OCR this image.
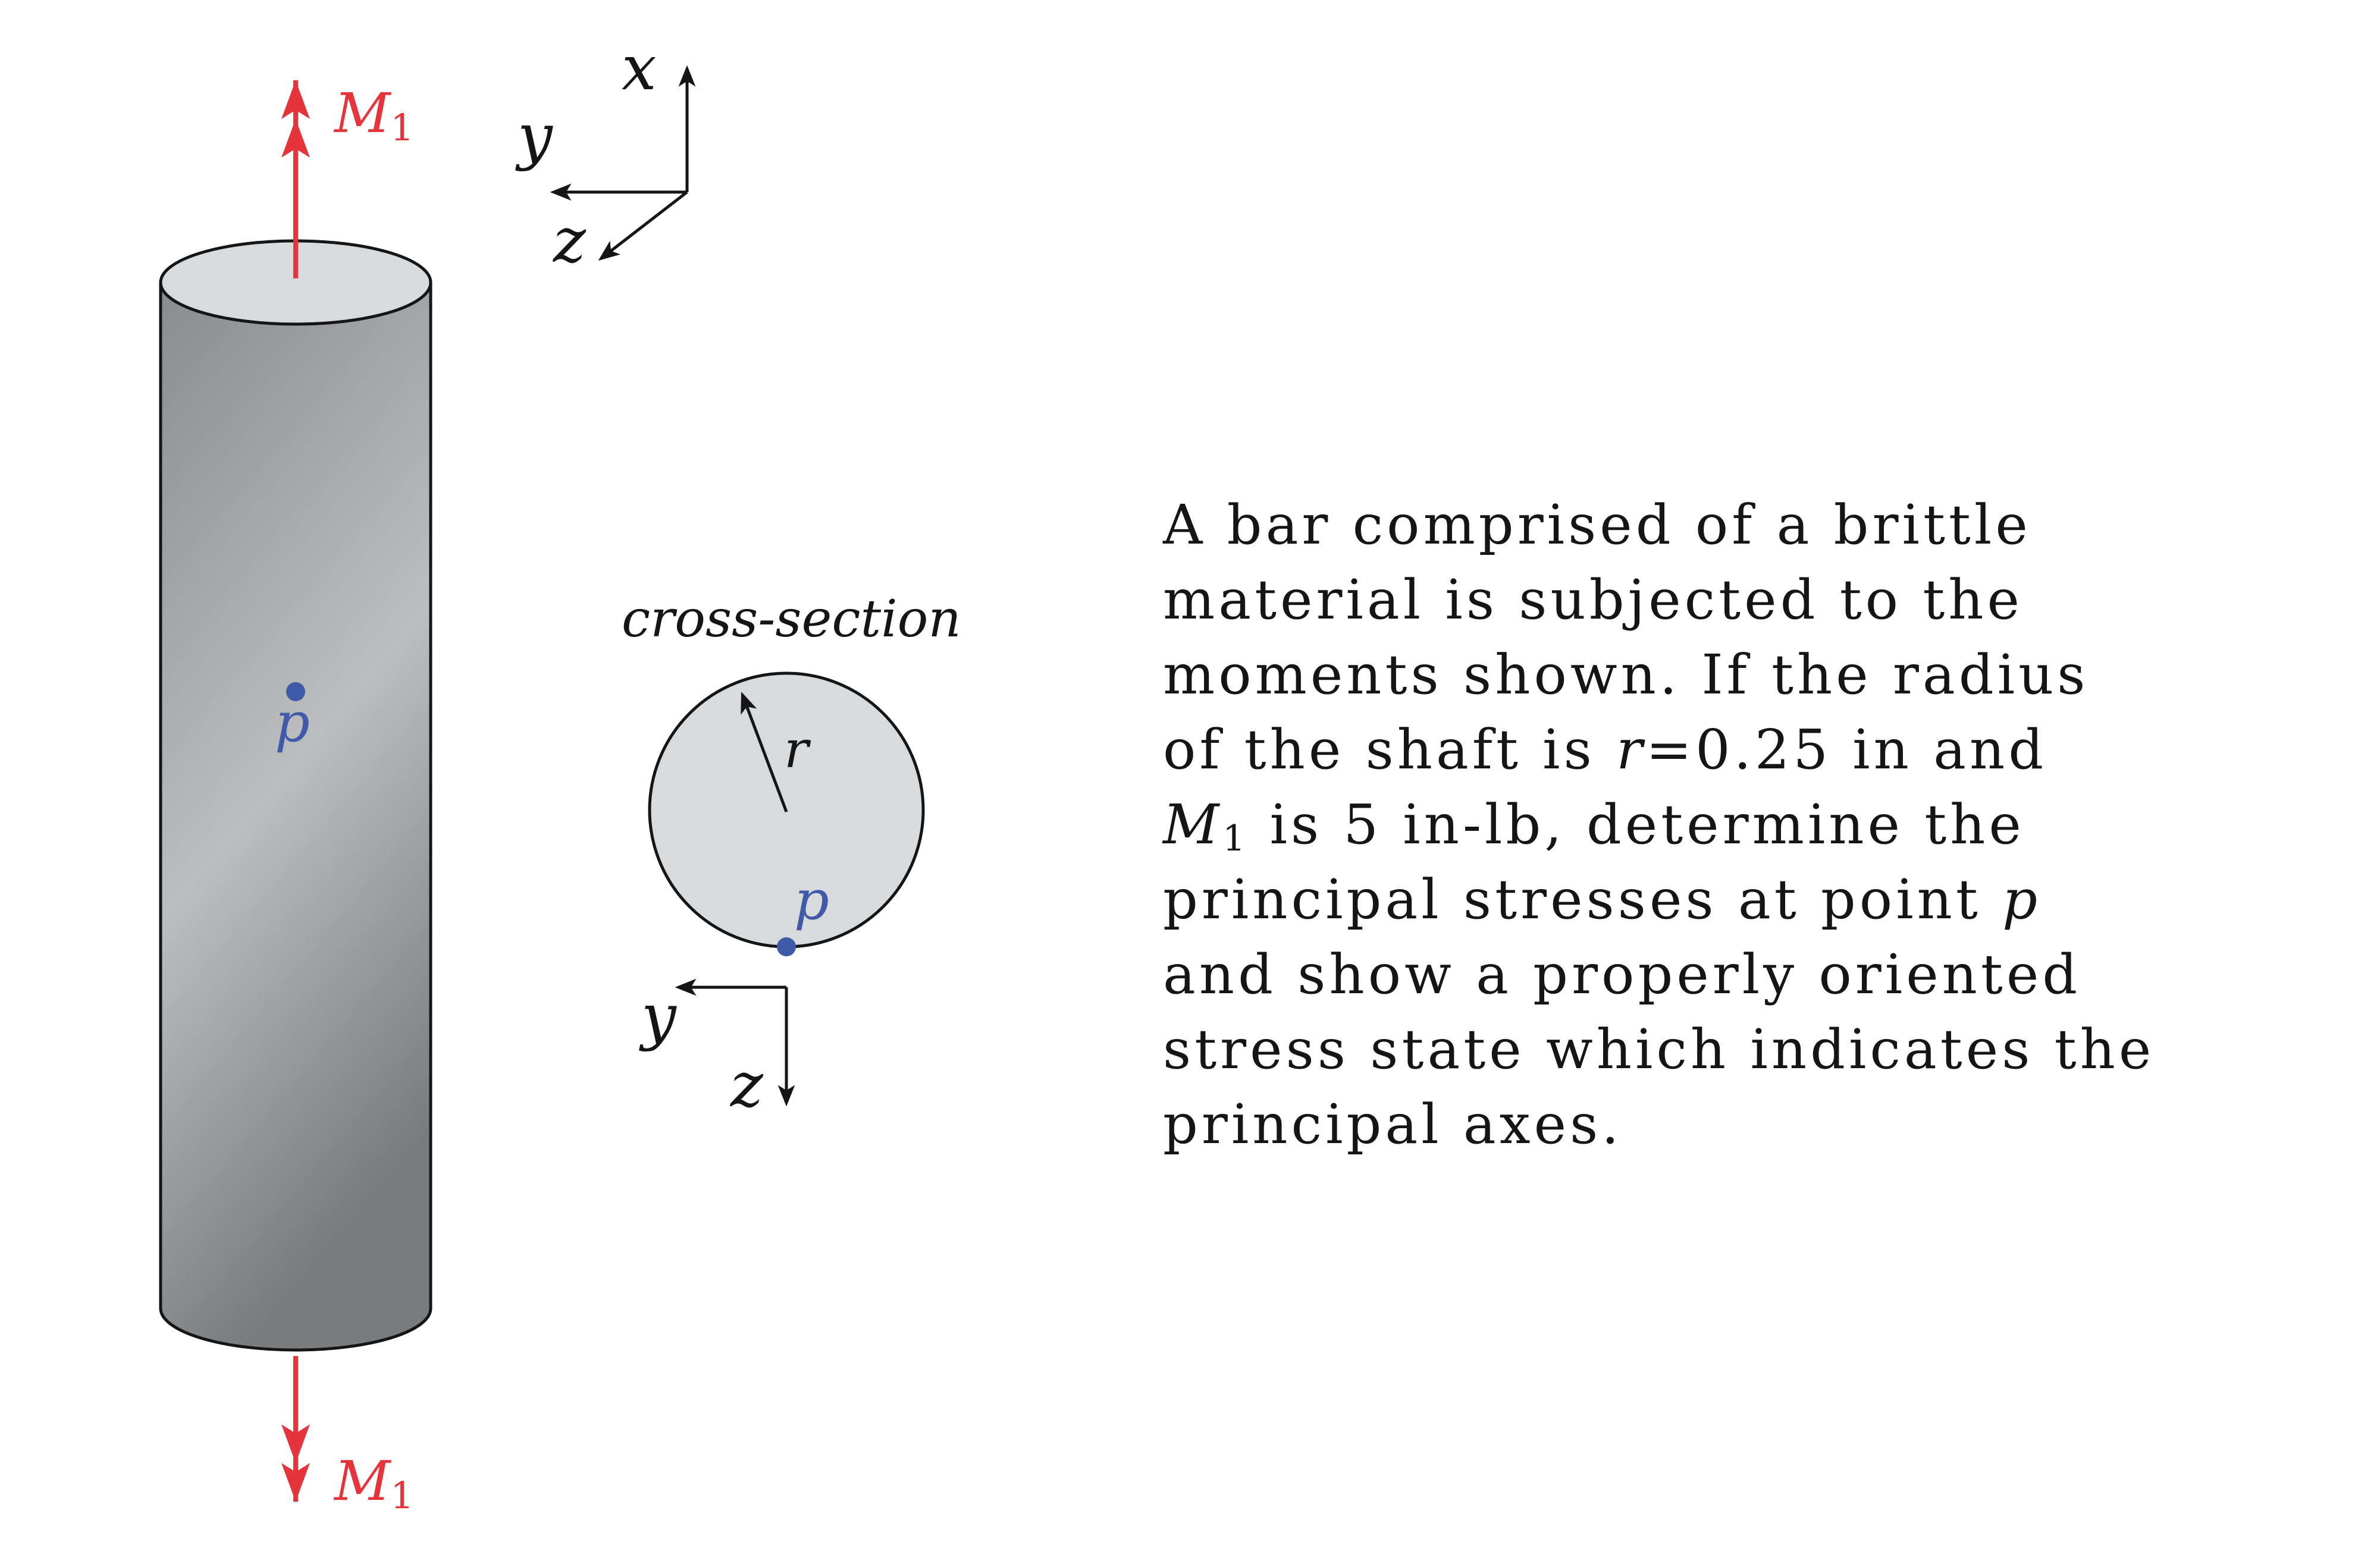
M1
M1
p
x
y
z
cross-section
r
p
y
z
A bar comprised of a brittle
material is subjected to the
moments shown. If the radius
of the shaft is r=0.25 in and
$M_1$ is 5 in-lb, determine the
principal stresses at point p
and show a properly oriented
stress state which indicates the
principal axes.
